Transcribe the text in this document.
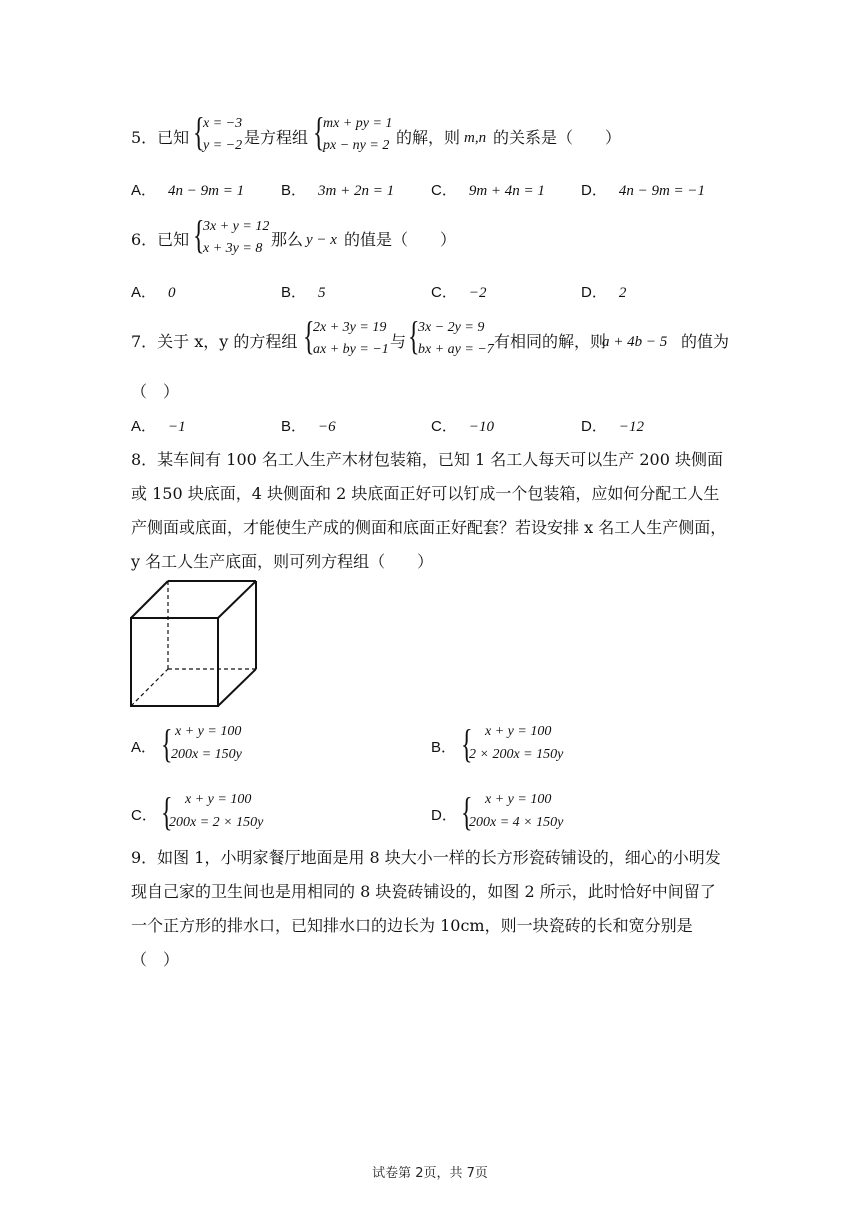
5．已知 {
x = −3
y = −2 是方程组 {
mx + py = 1
px − ny = 2 的解，则 m,n 的关系是（　　）
A． 4n − 9m = 1 B． 3m + 2n = 1 C． 9m + 4n = 1 D． 4n − 9m = −1
6．已知 {
3x + y = 12
x + 3y = 8 那么 y − x 的值是（　　）
A． 0	B． 5	C． −2	D． 2
7．关于 x，y 的方程组 {
2x + 3y = 19
ax + by = −1 与 {
3x − 2y = 9
bx + ay = −7 有相同的解，则
a + 4b − 5 的值为
（　）
A． −1	B． −6	C． −10	D． −12
8．某车间有 100 名工人生产木材包装箱，已知 1 名工人每天可以生产 200 块侧面或 150 块底面，4 块侧面和 2 块底面正好可以钉成一个包装箱，应如何分配工人生产侧面或底面，才能使生产成的侧面和底面正好配套？若设安排 x 名工人生产侧面，y 名工人生产底面，则可列方程组（　　）
A． { x + y = 100
200x = 150y	B． { x + y = 100
2 × 200x = 150y
C． { x + y = 100
200x = 2 × 150y	D． { x + y = 100
200x = 4 × 150y
9．如图 1，小明家餐厅地面是用 8 块大小一样的长方形瓷砖铺设的，细心的小明发现自己家的卫生间也是用相同的 8 块瓷砖铺设的，如图 2 所示，此时恰好中间留了一个正方形的排水口，已知排水口的边长为 10cm，则一块瓷砖的长和宽分别是（　）
试卷第 2页，共 7页
